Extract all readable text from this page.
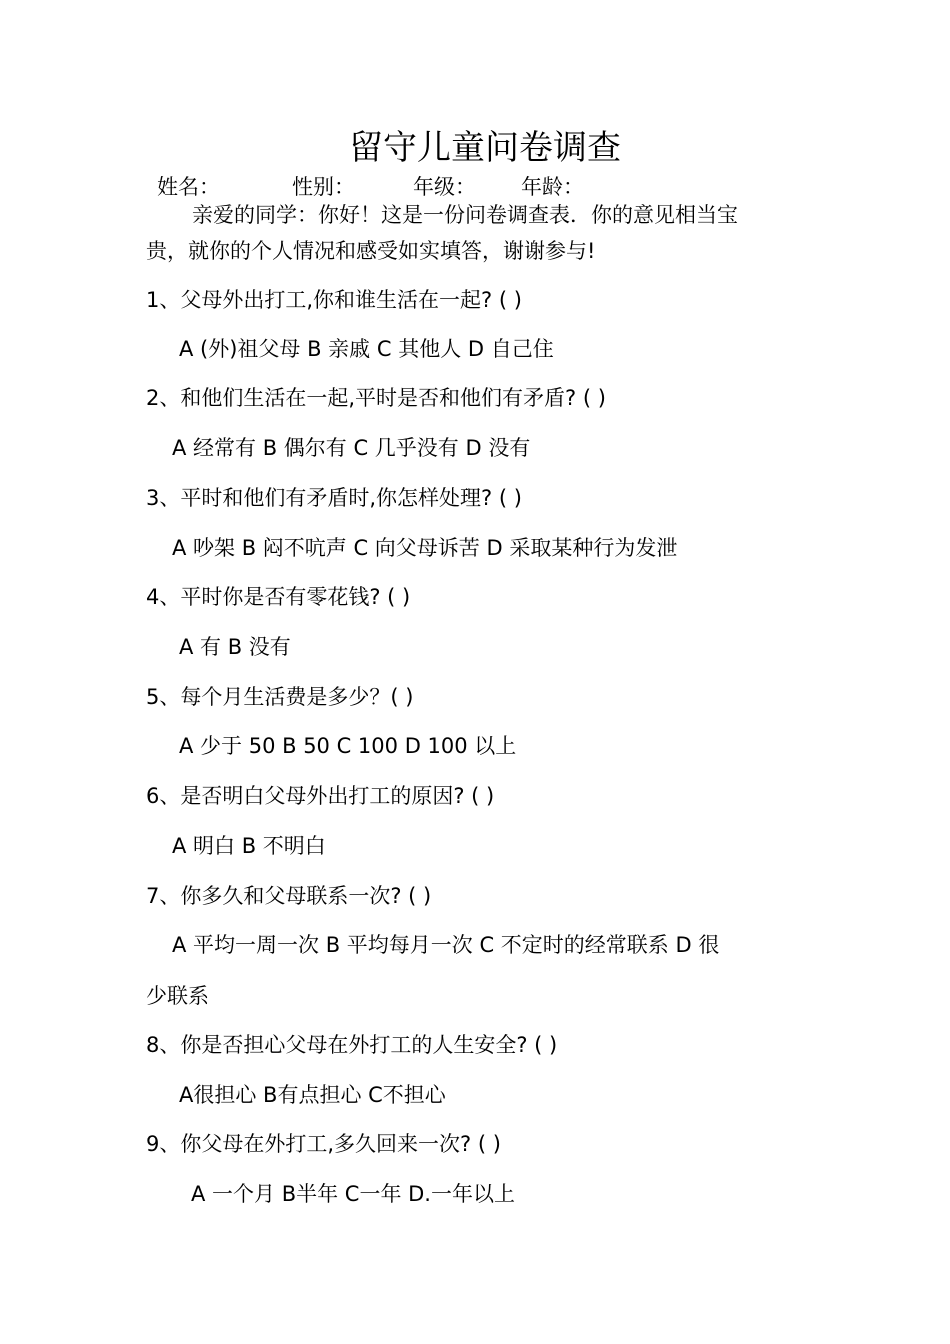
留守儿童问卷调查
姓名：	性别：	年级： 年龄：
亲爱的同学：你好！这是一份问卷调查表．你的意见相当宝
贵，就你的个人情况和感受如实填答，谢谢参与!
1、父母外出打工,你和谁生活在一起? ( )
A (外)祖父母 B 亲戚 C 其他人 D 自己住
2、和他们生活在一起,平时是否和他们有矛盾? ( )
A 经常有 B 偶尔有 C 几乎没有 D 没有
3、平时和他们有矛盾时,你怎样处理? ( )
A 吵架 B 闷不吭声 C 向父母诉苦 D 采取某种行为发泄
4、平时你是否有零花钱? ( )
A 有 B 没有
5、每个月生活费是多少？( )
A 少于 50 B 50 C 100 D 100 以上
6、是否明白父母外出打工的原因? ( )
A 明白 B 不明白
7、你多久和父母联系一次? ( )
A 平均一周一次 B 平均每月一次 C 不定时的经常联系 D 很
少联系
8、你是否担心父母在外打工的人生安全? ( )
A很担心 B有点担心 C不担心
9、你父母在外打工,多久回来一次? ( )
A 一个月 B半年 C一年 D.一年以上
